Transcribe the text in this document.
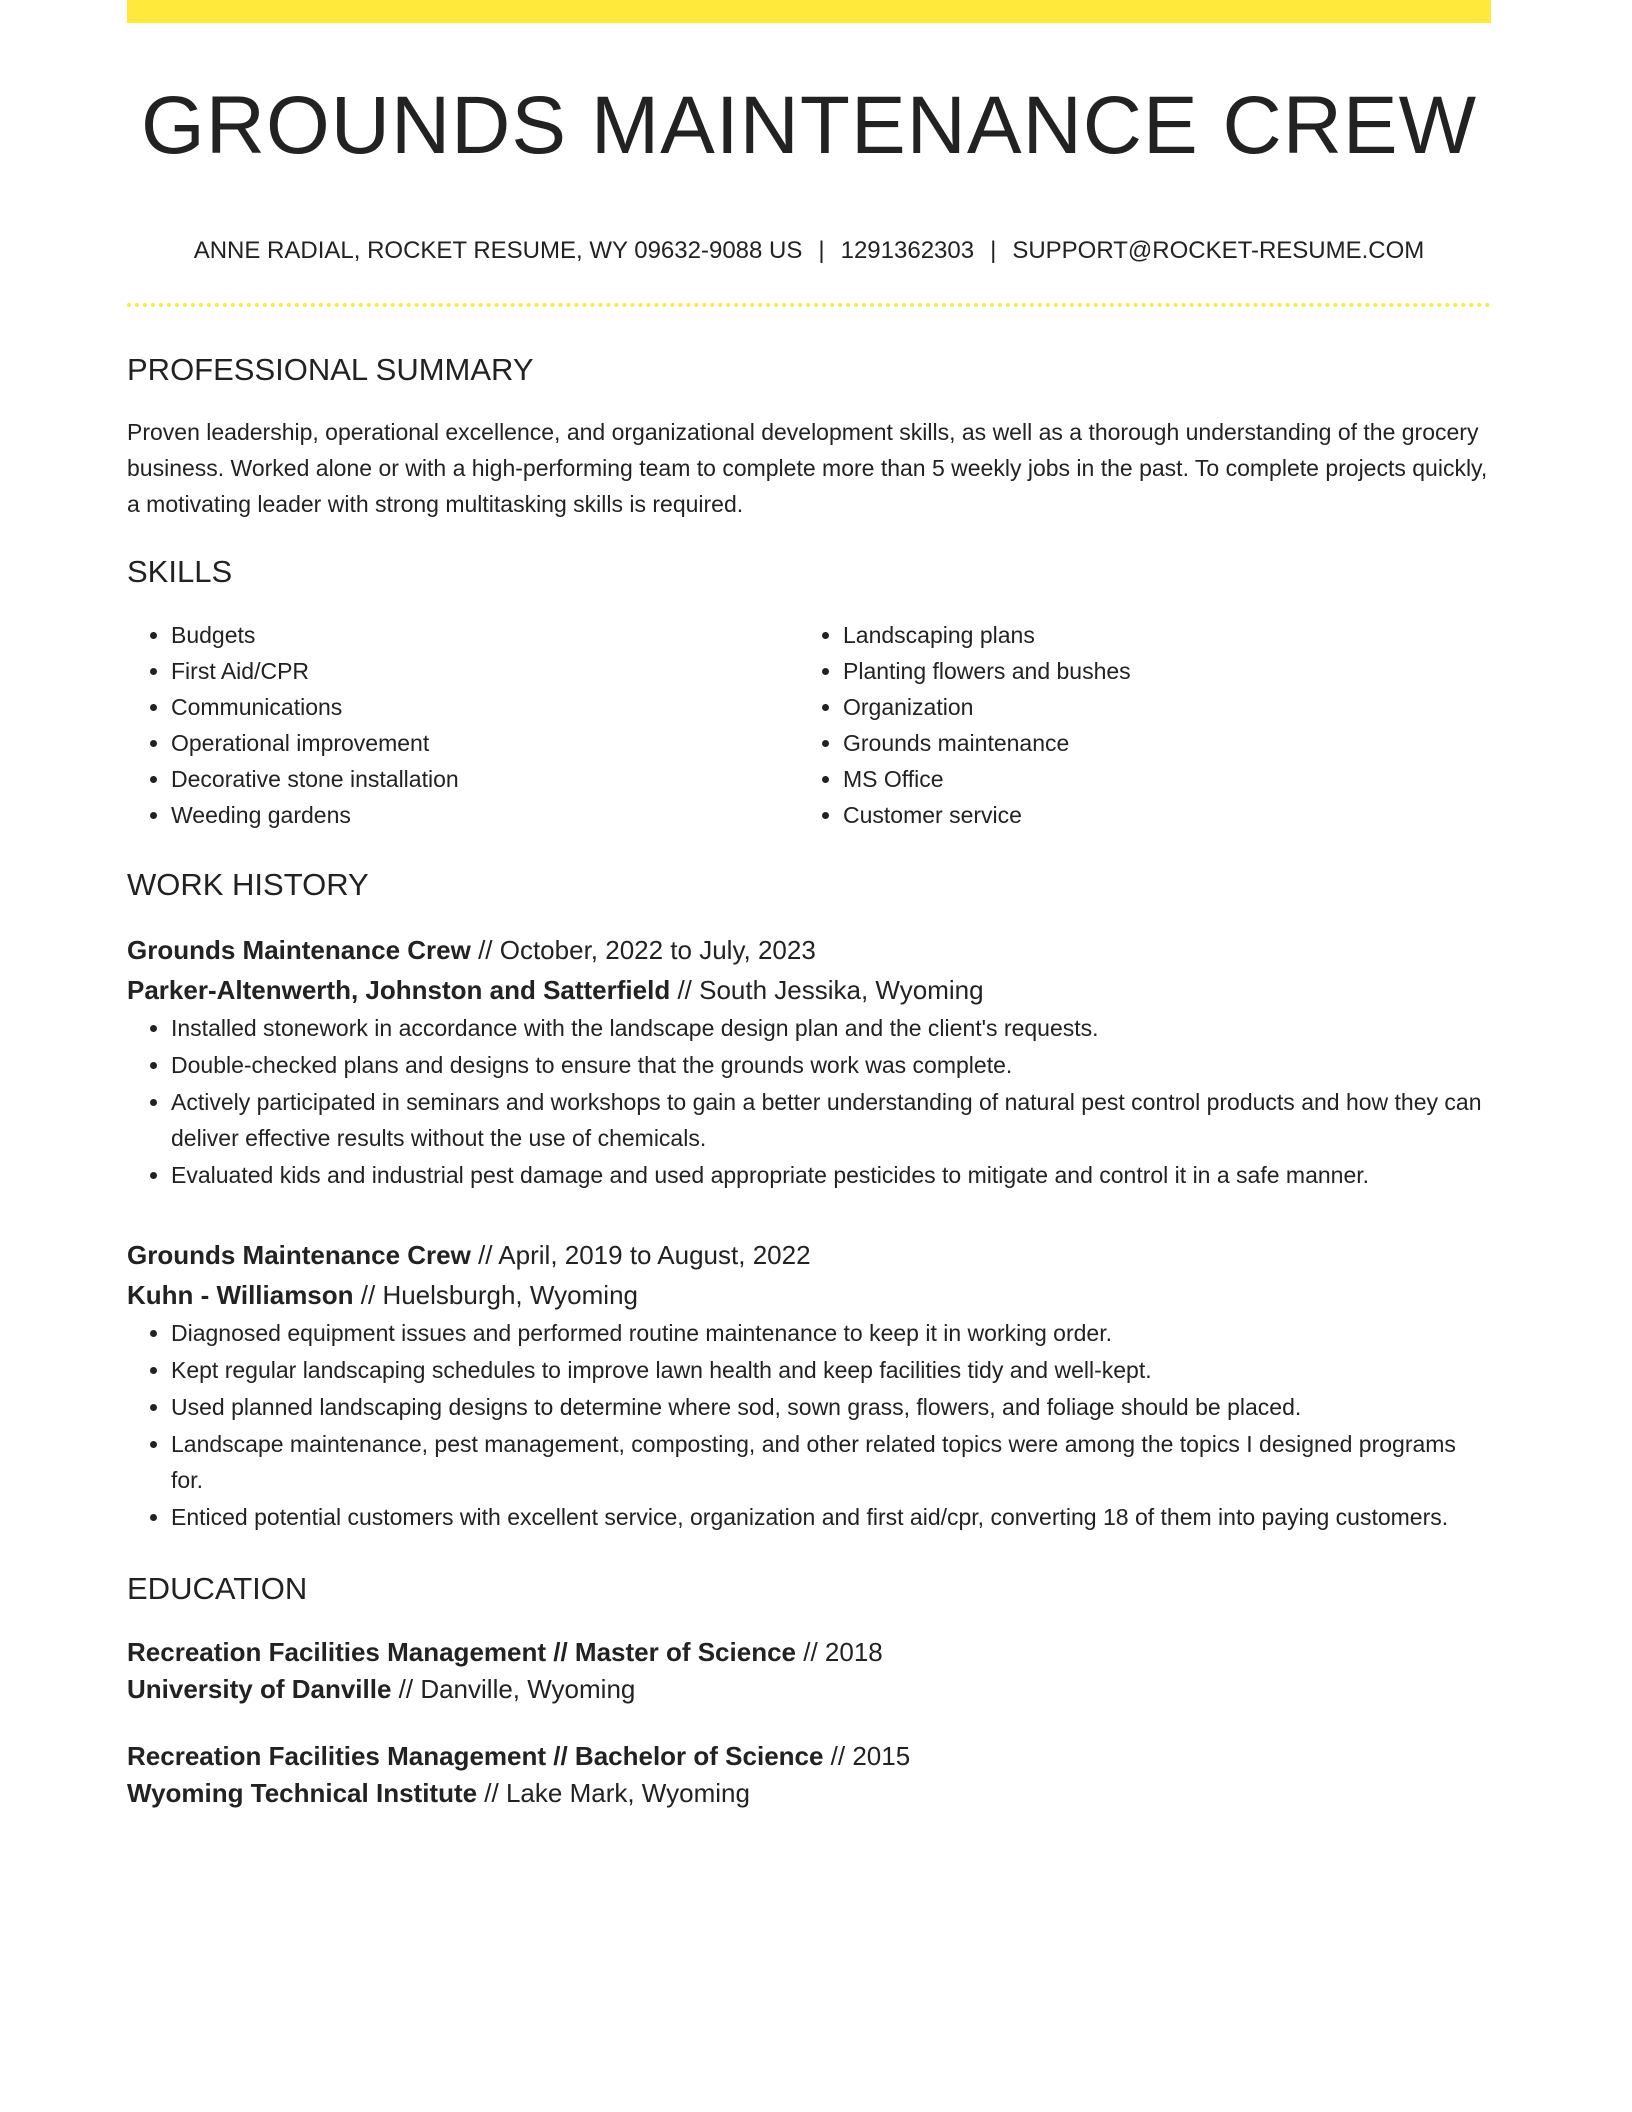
GROUNDS MAINTENANCE CREW
ANNE RADIAL, ROCKET RESUME, WY 09632-9088 US | 1291362303 | SUPPORT@ROCKET-RESUME.COM
PROFESSIONAL SUMMARY

Proven leadership, operational excellence, and organizational development skills, as well as a thorough understanding of the grocery business. Worked alone or with a high-performing team to complete more than 5 weekly jobs in the past. To complete projects quickly, a motivating leader with strong multitasking skills is required.

SKILLS
• Budgets
• First Aid/CPR
• Communications
• Operational improvement
• Decorative stone installation
• Weeding gardens
• Landscaping plans
• Planting flowers and bushes
• Organization
• Grounds maintenance
• MS Office
• Customer service
WORK HISTORY
Grounds Maintenance Crew // October, 2022 to July, 2023
Parker-Altenwerth, Johnston and Satterfield // South Jessika, Wyoming
• Installed stonework in accordance with the landscape design plan and the client's requests.
• Double-checked plans and designs to ensure that the grounds work was complete.
• Actively participated in seminars and workshops to gain a better understanding of natural pest control products and how they can deliver effective results without the use of chemicals.
• Evaluated kids and industrial pest damage and used appropriate pesticides to mitigate and control it in a safe manner.
Grounds Maintenance Crew // April, 2019 to August, 2022
Kuhn - Williamson // Huelsburgh, Wyoming
• Diagnosed equipment issues and performed routine maintenance to keep it in working order.
• Kept regular landscaping schedules to improve lawn health and keep facilities tidy and well-kept.
• Used planned landscaping designs to determine where sod, sown grass, flowers, and foliage should be placed.
• Landscape maintenance, pest management, composting, and other related topics were among the topics I designed programs for.
• Enticed potential customers with excellent service, organization and first aid/cpr, converting 18 of them into paying customers.
EDUCATION
Recreation Facilities Management // Master of Science // 2018
University of Danville // Danville, Wyoming
Recreation Facilities Management // Bachelor of Science // 2015
Wyoming Technical Institute // Lake Mark, Wyoming
